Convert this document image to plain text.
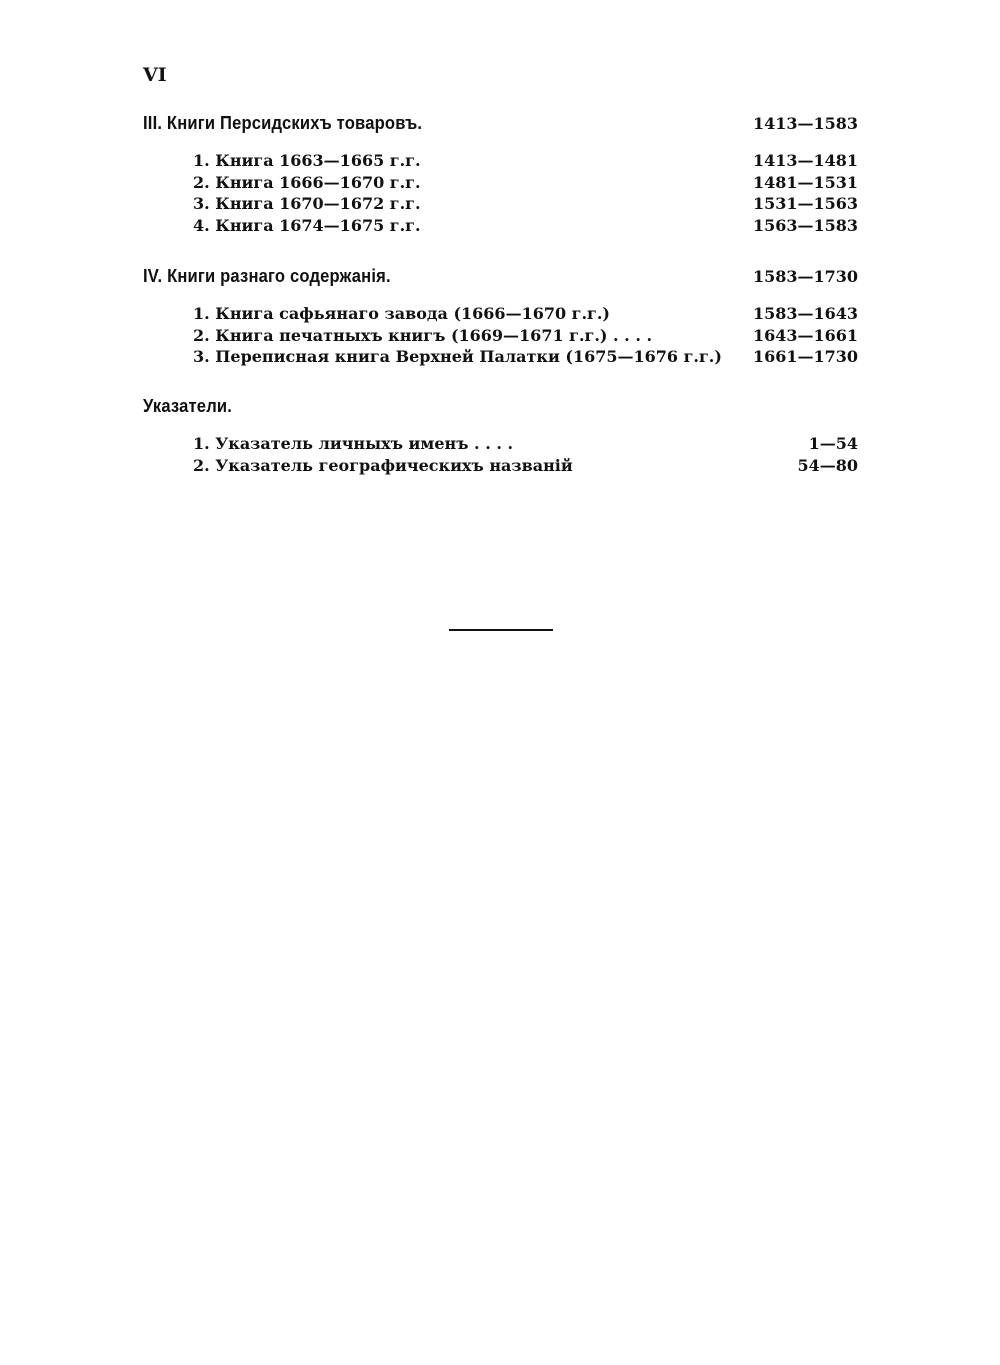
VI
III. Книги Персидскихъ товаровъ.	1413—1583
1. Книга 1663—1665 г.г.	1413—1481
2. Книга 1666—1670 г.г.	1481—1531
3. Книга 1670—1672 г.г.	1531—1563
4. Книга 1674—1675 г.г.	1563—1583
IV. Книги разнаго содержанія.	1583—1730
1. Книга сафьянаго завода (1666—1670 г.г.)	1583—1643
2. Книга печатныхъ книгъ (1669—1671 г.г.) . . . .	1643—1661
3. Переписная книга Верхней Палатки (1675—1676 г.г.) 1661—1730
Указатели.
1. Указатель личныхъ именъ . . . .	1—54
2. Указатель географическихъ названій	54—80
